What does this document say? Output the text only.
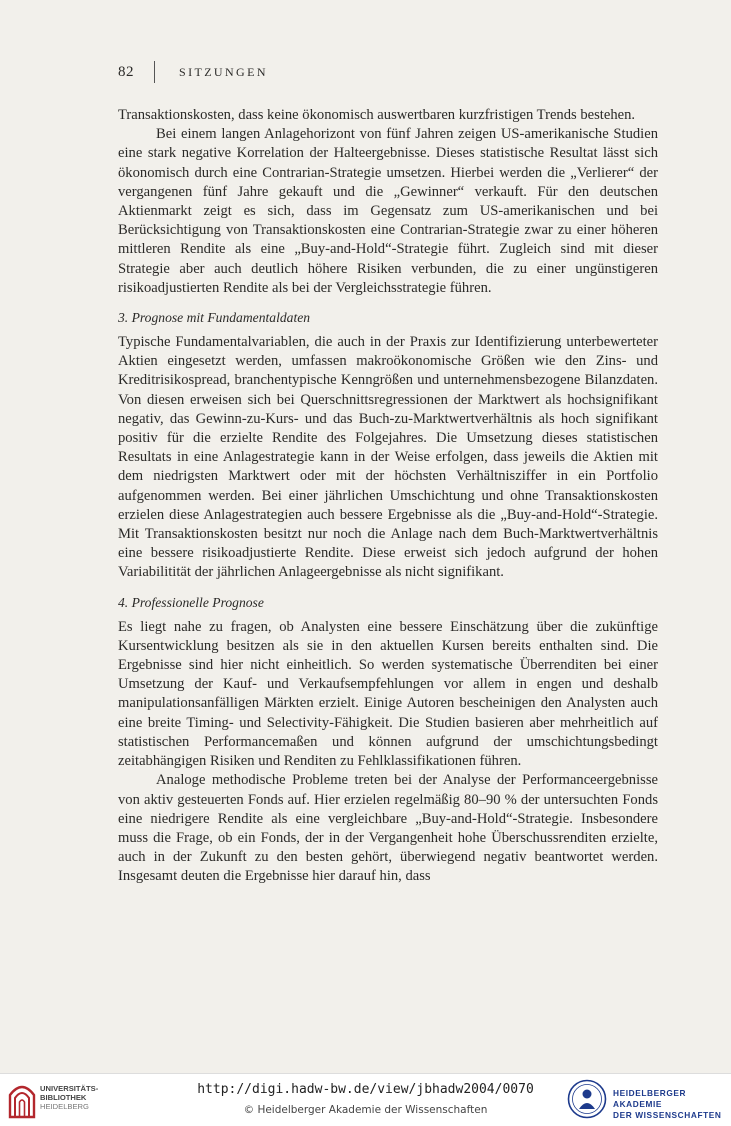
82	SITZUNGEN

Transaktionskosten, dass keine ökonomisch auswertbaren kurzfristigen Trends bestehen.

Bei einem langen Anlagehorizont von fünf Jahren zeigen US-amerikanische Studien eine stark negative Korrelation der Halteergebnisse. Dieses statistische Resultat lässt sich ökonomisch durch eine Contrarian-Strategie umsetzen. Hierbei werden die „Verlierer“ der vergangenen fünf Jahre gekauft und die „Gewinner“ verkauft. Für den deutschen Aktienmarkt zeigt es sich, dass im Gegensatz zum US-amerikanischen und bei Berücksichtigung von Transaktionskosten eine Contrarian-Strategie zwar zu einer höheren mittleren Rendite als eine „Buy-and-Hold“-Strategie führt. Zugleich sind mit dieser Strategie aber auch deutlich höhere Risiken verbunden, die zu einer ungünstigeren risikoadjustierten Rendite als bei der Vergleichsstrategie führen.

3. Prognose mit Fundamentaldaten

Typische Fundamentalvariablen, die auch in der Praxis zur Identifizierung unterbewerteter Aktien eingesetzt werden, umfassen makroökonomische Größen wie den Zins- und Kreditrisikospread, branchentypische Kenngrößen und unternehmensbezogene Bilanzdaten. Von diesen erweisen sich bei Querschnittsregressionen der Marktwert als hochsignifikant negativ, das Gewinn-zu-Kurs- und das Buch-zu-Marktwertverhältnis als hoch signifikant positiv für die erzielte Rendite des Folgejahres. Die Umsetzung dieses statistischen Resultats in eine Anlagestrategie kann in der Weise erfolgen, dass jeweils die Aktien mit dem niedrigsten Marktwert oder mit der höchsten Verhältnisziffer in ein Portfolio aufgenommen werden. Bei einer jährlichen Umschichtung und ohne Transaktionskosten erzielen diese Anlagestrategien auch bessere Ergebnisse als die „Buy-and-Hold“-Strategie. Mit Transaktionskosten besitzt nur noch die Anlage nach dem Buch-Marktwertverhältnis eine bessere risikoadjustierte Rendite. Diese erweist sich jedoch aufgrund der hohen Variabilitität der jährlichen Anlageergebnisse als nicht signifikant.

4. Professionelle Prognose

Es liegt nahe zu fragen, ob Analysten eine bessere Einschätzung über die zukünftige Kursentwicklung besitzen als sie in den aktuellen Kursen bereits enthalten sind. Die Ergebnisse sind hier nicht einheitlich. So werden systematische Überrenditen bei einer Umsetzung der Kauf- und Verkaufsempfehlungen vor allem in engen und deshalb manipulationsanfälligen Märkten erzielt. Einige Autoren bescheinigen den Analysten auch eine breite Timing- und Selectivity-Fähigkeit. Die Studien basieren aber mehrheitlich auf statistischen Performancemaßen und können aufgrund der umschichtungsbedingt zeitabhängigen Risiken und Renditen zu Fehlklassifikationen führen.

Analoge methodische Probleme treten bei der Analyse der Performanceergebnisse von aktiv gesteuerten Fonds auf. Hier erzielen regelmäßig 80–90 % der untersuchten Fonds eine niedrigere Rendite als eine vergleichbare „Buy-and-Hold“-Strategie. Insbesondere muss die Frage, ob ein Fonds, der in der Vergangenheit hohe Überschussrenditen erzielte, auch in der Zukunft zu den besten gehört, überwiegend negativ beantwortet werden. Insgesamt deuten die Ergebnisse hier darauf hin, dass

UNIVERSITÄTS-
BIBLIOTHEK
HEIDELBERG
http://digi.hadw-bw.de/view/jbhadw2004/0070
© Heidelberger Akademie der Wissenschaften
HEIDELBERGER AKADEMIE
DER WISSENSCHAFTEN
